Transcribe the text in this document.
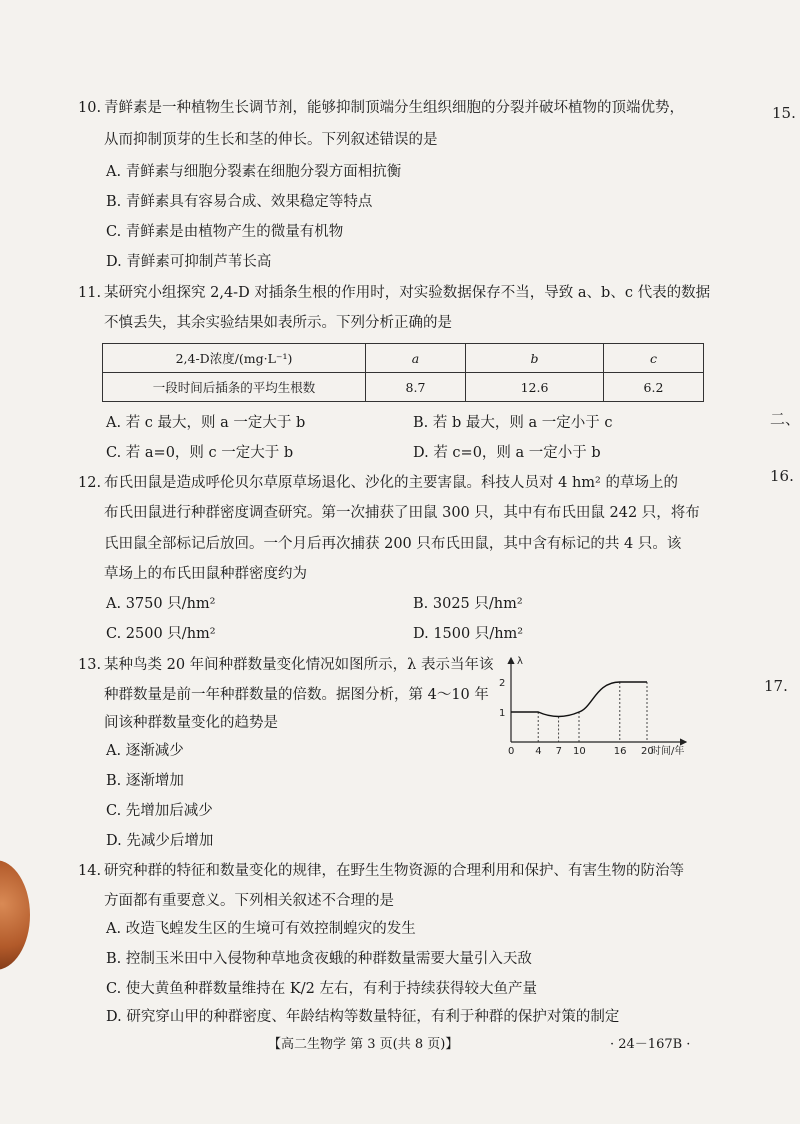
10. 青鲜素是一种植物生长调节剂，能够抑制顶端分生组织细胞的分裂并破坏植物的顶端优势，
从而抑制顶芽的生长和茎的伸长。下列叙述错误的是
A. 青鲜素与细胞分裂素在细胞分裂方面相抗衡
B. 青鲜素具有容易合成、效果稳定等特点
C. 青鲜素是由植物产生的微量有机物
D. 青鲜素可抑制芦苇长高
11. 某研究小组探究 2,4-D 对插条生根的作用时，对实验数据保存不当，导致 a、b、c 代表的数据
不慎丢失，其余实验结果如表所示。下列分析正确的是
2,4-D浓度/(mg·L⁻¹)	a	b	c
一段时间后插条的平均生根数	8.7	12.6	6.2
A. 若 c 最大，则 a 一定大于 b	B. 若 b 最大，则 a 一定小于 c
C. 若 a=0，则 c 一定大于 b	D. 若 c=0，则 a 一定小于 b
12. 布氏田鼠是造成呼伦贝尔草原草场退化、沙化的主要害鼠。科技人员对 4 hm² 的草场上的
布氏田鼠进行种群密度调查研究。第一次捕获了田鼠 300 只，其中有布氏田鼠 242 只，将布
氏田鼠全部标记后放回。一个月后再次捕获 200 只布氏田鼠，其中含有标记的共 4 只。该
草场上的布氏田鼠种群密度约为
A. 3750 只/hm²	B. 3025 只/hm²
C. 2500 只/hm²	D. 1500 只/hm²
13. 某种鸟类 20 年间种群数量变化情况如图所示，λ 表示当年该
种群数量是前一年种群数量的倍数。据图分析，第 4～10 年
间该种群数量变化的趋势是
A. 逐渐减少
B. 逐渐增加
C. 先增加后减少
D. 先减少后增加
λ
时间/年
0 4 7 10	16 20
1
2
14. 研究种群的特征和数量变化的规律，在野生生物资源的合理利用和保护、有害生物的防治等
方面都有重要意义。下列相关叙述不合理的是
A. 改造飞蝗发生区的生境可有效控制蝗灾的发生
B. 控制玉米田中入侵物种草地贪夜蛾的种群数量需要大量引入天敌
C. 使大黄鱼种群数量维持在 K/2 左右，有利于持续获得较大鱼产量
D. 研究穿山甲的种群密度、年龄结构等数量特征，有利于种群的保护对策的制定
【高二生物学 第 3 页(共 8 页)】	· 24－167B ·
15.
二、
16.
17.
